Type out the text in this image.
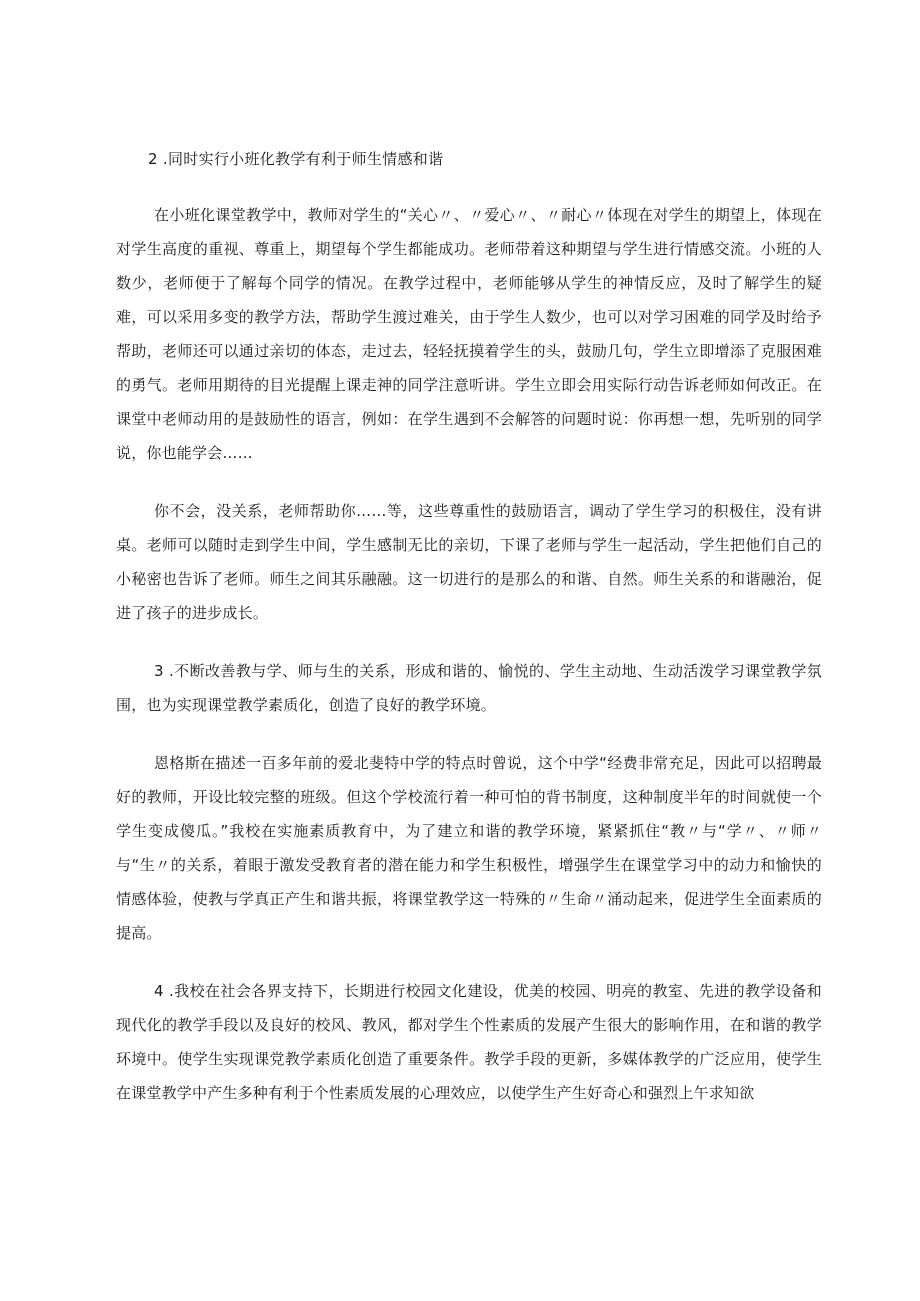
2 .同时实行小班化教学有利于师生情感和谐

在小班化课堂教学中，教师对学生的“关心〃、〃爱心〃、〃耐心〃体现在对学生的期望上，体现在对学生高度的重视、尊重上，期望每个学生都能成功。老师带着这种期望与学生进行情感交流。小班的人数少，老师便于了解每个同学的情况。在教学过程中，老师能够从学生的神情反应，及时了解学生的疑难，可以采用多变的教学方法，帮助学生渡过难关，由于学生人数少，也可以对学习困难的同学及时给予帮助，老师还可以通过亲切的体态，走过去，轻轻抚摸着学生的头，鼓励几句，学生立即增添了克服困难的勇气。老师用期待的目光提醒上课走神的同学注意听讲。学生立即会用实际行动告诉老师如何改正。在课堂中老师动用的是鼓励性的语言，例如：在学生遇到不会解答的问题时说：你再想一想，先听别的同学说，你也能学会……

你不会，没关系，老师帮助你……等，这些尊重性的鼓励语言，调动了学生学习的积极住，没有讲桌。老师可以随时走到学生中间，学生感制无比的亲切，下课了老师与学生一起活动，学生把他们自己的小秘密也告诉了老师。师生之间其乐融融。这一切进行的是那么的和谐、自然。师生关系的和谐融治，促进了孩子的进步成长。

3 .不断改善教与学、师与生的关系，形成和谐的、愉悦的、学生主动地、生动活泼学习课堂教学氛围，也为实现课堂教学素质化，创造了良好的教学环境。

恩格斯在描述一百多年前的爱北斐特中学的特点时曾说，这个中学“经费非常充足，因此可以招聘最好的教师，开设比较完整的班级。但这个学校流行着一种可怕的背书制度，这种制度半年的时间就使一个学生变成傻瓜。”我校在实施素质教育中，为了建立和谐的教学环境，紧紧抓住“教〃与“学〃、〃师〃与“生〃的关系，着眼于激发受教育者的潜在能力和学生积极性，增强学生在课堂学习中的动力和愉快的情感体验，使教与学真正产生和谐共振，将课堂教学这一特殊的〃生命〃涌动起来，促进学生全面素质的提高。

4 .我校在社会各界支持下，长期进行校园文化建设，优美的校园、明亮的教室、先进的教学设备和现代化的教学手段以及良好的校风、教风，都对学生个性素质的发展产生很大的影响作用，在和谐的教学环境中。使学生实现课党教学素质化创造了重要条件。教学手段的更新，多媒体教学的广泛应用，使学生在课堂教学中产生多种有利于个性素质发展的心理效应，以使学生产生好奇心和强烈上午求知欲
